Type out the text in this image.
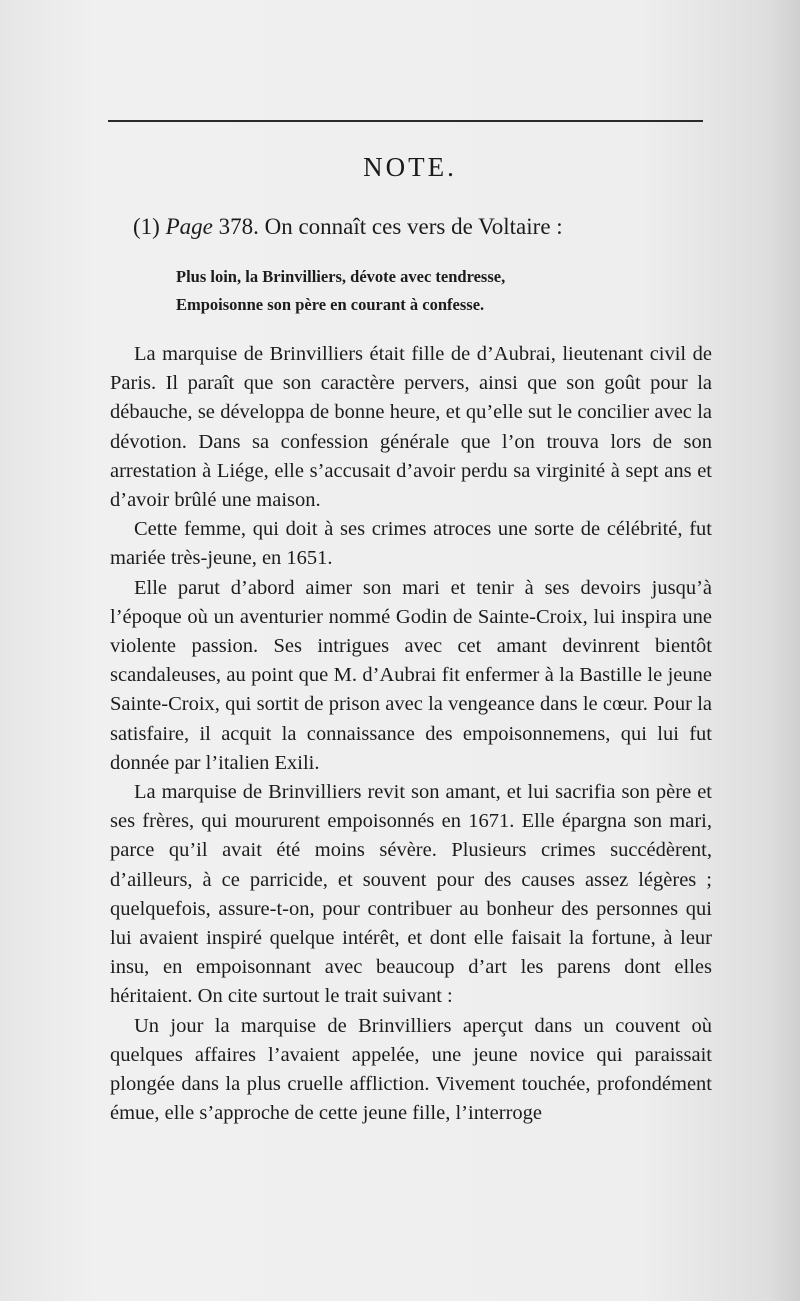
NOTE.
(1) Page 378. On connaît ces vers de Voltaire :
Plus loin, la Brinvilliers, dévote avec tendresse,
Empoisonne son père en courant à confesse.

La marquise de Brinvilliers était fille de d’Aubrai, lieutenant civil de Paris. Il paraît que son caractère pervers, ainsi que son goût pour la débauche, se développa de bonne heure, et qu’elle sut le concilier avec la dévotion. Dans sa confession générale que l’on trouva lors de son arrestation à Liége, elle s’accusait d’avoir perdu sa virginité à sept ans et d’avoir brûlé une maison.

Cette femme, qui doit à ses crimes atroces une sorte de célébrité, fut mariée très-jeune, en 1651.

Elle parut d’abord aimer son mari et tenir à ses devoirs jusqu’à l’époque où un aventurier nommé Godin de Sainte-Croix, lui inspira une violente passion. Ses intrigues avec cet amant devinrent bientôt scandaleuses, au point que M. d’Aubrai fit enfermer à la Bastille le jeune Sainte-Croix, qui sortit de prison avec la vengeance dans le cœur. Pour la satisfaire, il acquit la connaissance des empoisonnemens, qui lui fut donnée par l’italien Exili.

La marquise de Brinvilliers revit son amant, et lui sacrifia son père et ses frères, qui moururent empoisonnés en 1671. Elle épargna son mari, parce qu’il avait été moins sévère. Plusieurs crimes succédèrent, d’ailleurs, à ce parricide, et souvent pour des causes assez légères ; quelquefois, assure-t-on, pour contribuer au bonheur des personnes qui lui avaient inspiré quelque intérêt, et dont elle faisait la fortune, à leur insu, en empoisonnant avec beaucoup d’art les parens dont elles héritaient. On cite surtout le trait suivant :

Un jour la marquise de Brinvilliers aperçut dans un couvent où quelques affaires l’avaient appelée, une jeune novice qui paraissait plongée dans la plus cruelle affliction. Vivement touchée, profondément émue, elle s’approche de cette jeune fille, l’interroge
